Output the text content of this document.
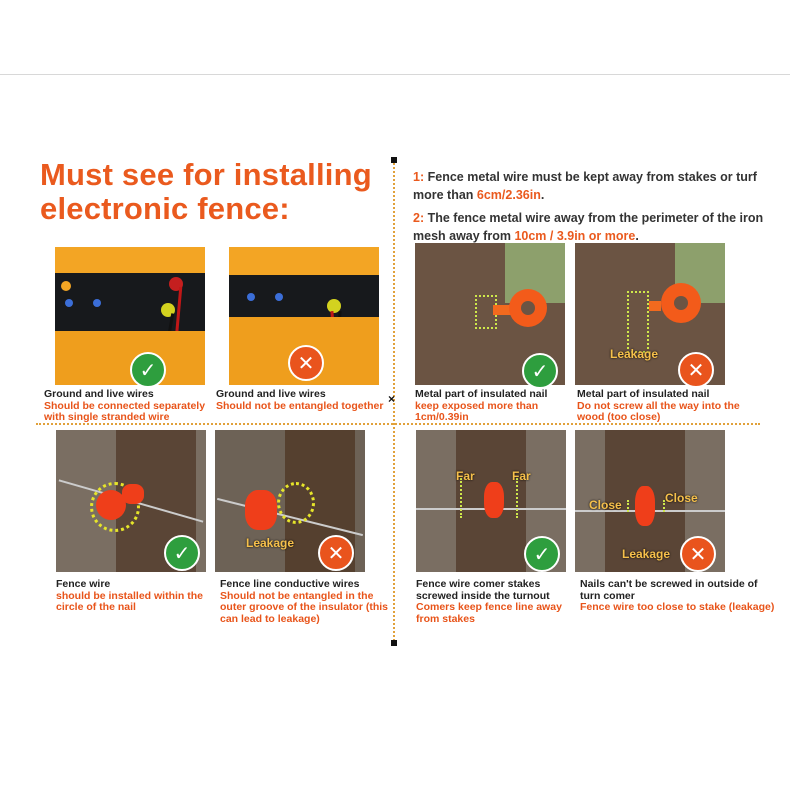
Must see for installing
electronic fence:
1: Fence metal wire must be kept away from stakes or turf more than 6cm/2.36in.
2: The fence metal wire away from the perimeter of the iron mesh away from 10cm / 3.9in or more.
×
✓
Ground and live wires
Should be connected separately with single stranded wire
✕
Ground and live wires
Should not be entangled together
✓
Metal part of insulated nail
keep exposed more than 1cm/0.39in
Leakage
✕
Metal part of insulated nail
Do not screw all the way into the wood (too close)
✓
Fence wire
should be installed within the circle of the nail
Leakage	✕
Fence line conductive wires
Should not be entangled in the outer groove of the insulator (this can lead to leakage)
Far	Far
✓
Fence wire comer stakes screwed inside the turnout
Comers keep fence line away from stakes
Close	Close
Leakage ✕
Nails can't be screwed in outside of turn comer
Fence wire too close to stake (leakage)
